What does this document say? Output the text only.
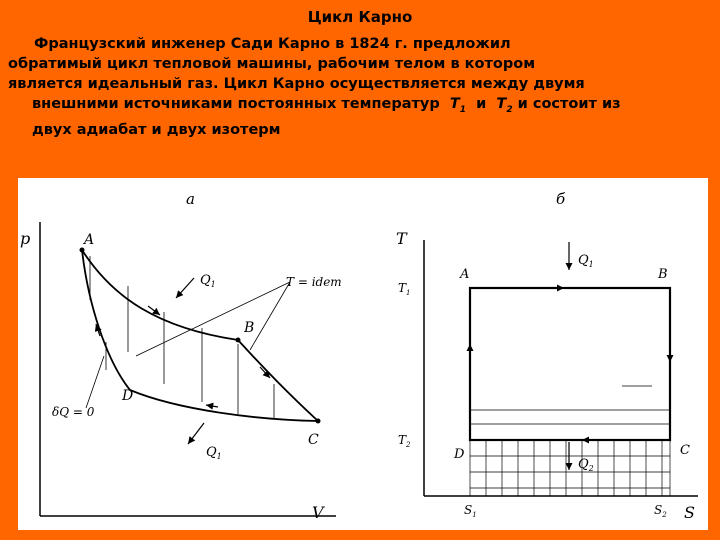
Цикл Карно
Французский инженер Сади Карно в 1824 г. предложил
обратимый цикл тепловой машины, рабочим телом в котором
является идеальный газ. Цикл Карно осуществляется между двумя
внешними источниками постоянных температур $T_1$ и $T_2$ и состоит из
двух адиабат и двух изотерм
а
p
V
A
B
C
D
$Q_1$
$Q_1$
T = idem
δQ = 0
б
T
S
$T_1$
$T_2$
$S_1$	$S_2$
A	B
C
D
$Q_1$
$Q_2$
